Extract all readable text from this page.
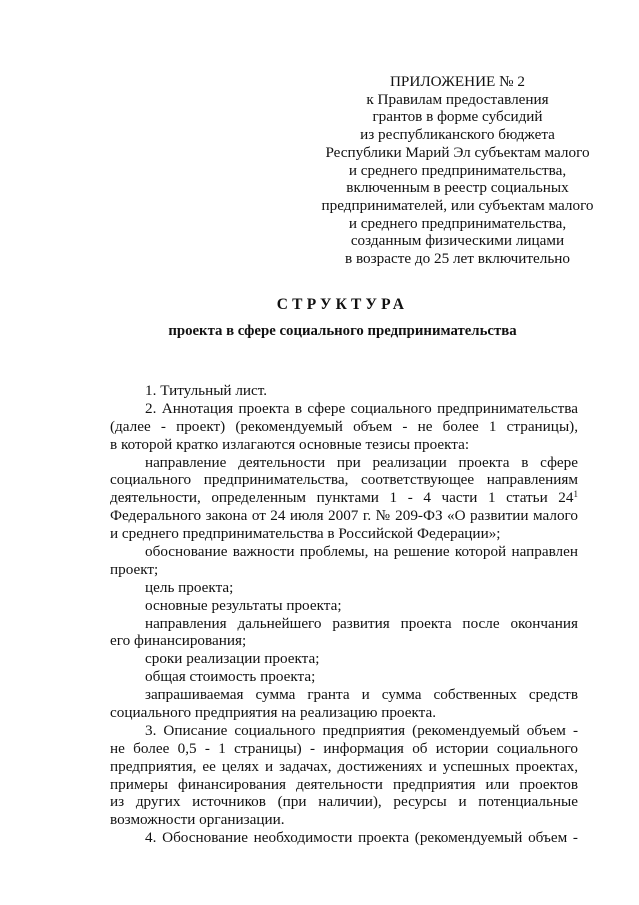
ПРИЛОЖЕНИЕ № 2
к Правилам предоставления
грантов в форме субсидий
из республиканского бюджета
Республики Марий Эл субъектам малого
и среднего предпринимательства,
включенным в реестр социальных
предпринимателей, или субъектам малого
и среднего предпринимательства,
созданным физическими лицами
в возрасте до 25 лет включительно
СТРУКТУРА
проекта в сфере социального предпринимательства
1. Титульный лист.
2. Аннотация проекта в сфере социального предпринимательства
(далее - проект) (рекомендуемый объем - не более 1 страницы),
в которой кратко излагаются основные тезисы проекта:
направление деятельности при реализации проекта в сфере
социального предпринимательства, соответствующее направлениям
деятельности, определенным пунктами 1 - 4 части 1 статьи $24^1$
Федерального закона от 24 июля 2007 г. № 209-ФЗ «О развитии малого
и среднего предпринимательства в Российской Федерации»;
обоснование важности проблемы, на решение которой направлен
проект;
цель проекта;
основные результаты проекта;
направления дальнейшего развития проекта после окончания
его финансирования;
сроки реализации проекта;
общая стоимость проекта;
запрашиваемая сумма гранта и сумма собственных средств
социального предприятия на реализацию проекта.
3. Описание социального предприятия (рекомендуемый объем -
не более 0,5 - 1 страницы) - информация об истории социального
предприятия, ее целях и задачах, достижениях и успешных проектах,
примеры финансирования деятельности предприятия или проектов
из других источников (при наличии), ресурсы и потенциальные
возможности организации.
4. Обоснование необходимости проекта (рекомендуемый объем -
